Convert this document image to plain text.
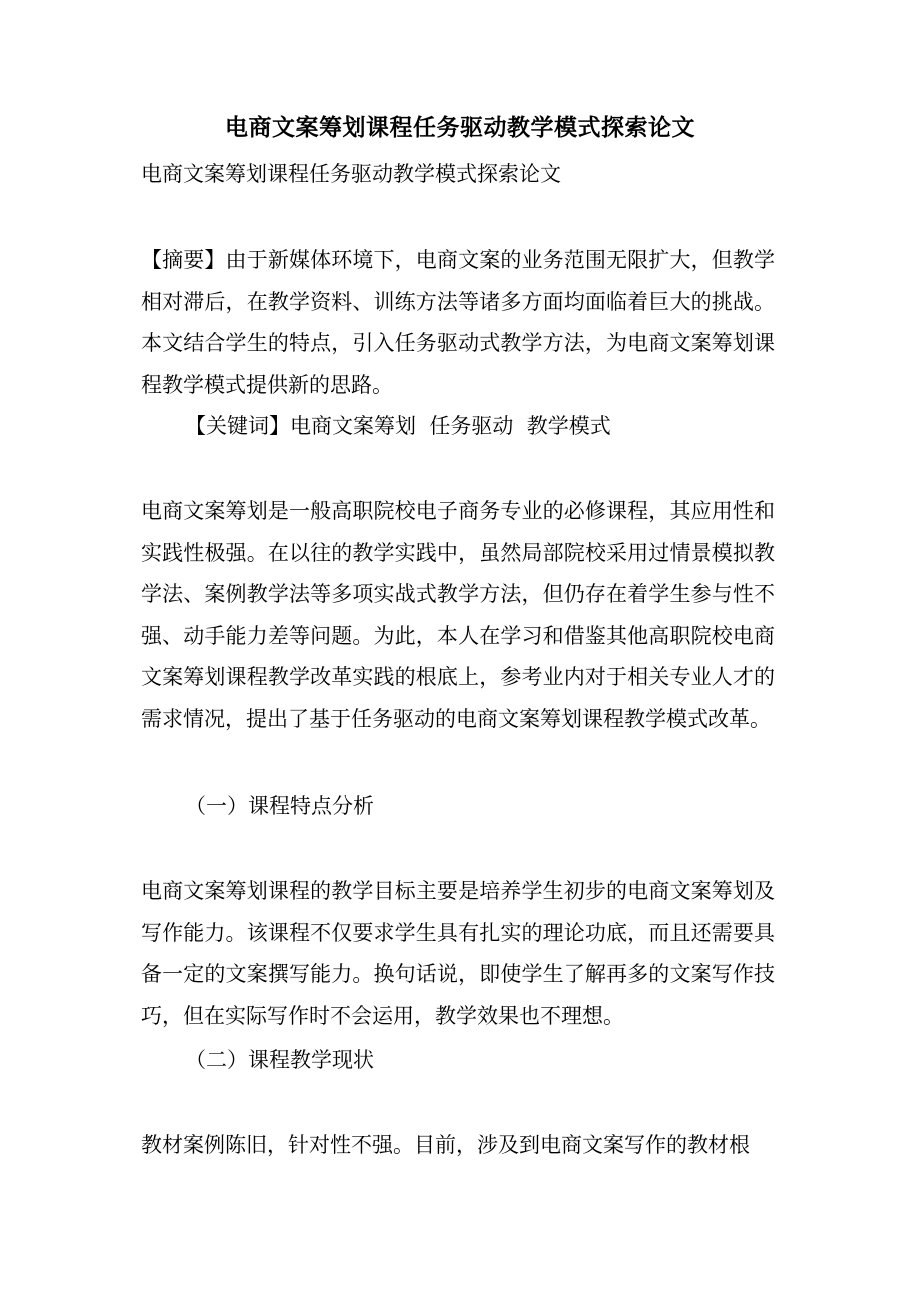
电商文案筹划课程任务驱动教学模式探索论文
电商文案筹划课程任务驱动教学模式探索论文
【摘要】由于新媒体环境下，电商文案的业务范围无限扩大，但教学相对滞后，在教学资料、训练方法等诸多方面均面临着巨大的挑战。本文结合学生的特点，引入任务驱动式教学方法，为电商文案筹划课程教学模式提供新的思路。
【关键词】电商文案筹划  任务驱动  教学模式
电商文案筹划是一般高职院校电子商务专业的必修课程，其应用性和实践性极强。在以往的教学实践中，虽然局部院校采用过情景模拟教学法、案例教学法等多项实战式教学方法，但仍存在着学生参与性不强、动手能力差等问题。为此，本人在学习和借鉴其他高职院校电商文案筹划课程教学改革实践的根底上，参考业内对于相关专业人才的需求情况，提出了基于任务驱动的电商文案筹划课程教学模式改革。
（一）课程特点分析
电商文案筹划课程的教学目标主要是培养学生初步的电商文案筹划及写作能力。该课程不仅要求学生具有扎实的理论功底，而且还需要具备一定的文案撰写能力。换句话说，即使学生了解再多的文案写作技巧，但在实际写作时不会运用，教学效果也不理想。
（二）课程教学现状
教材案例陈旧，针对性不强。目前，涉及到电商文案写作的教材根
